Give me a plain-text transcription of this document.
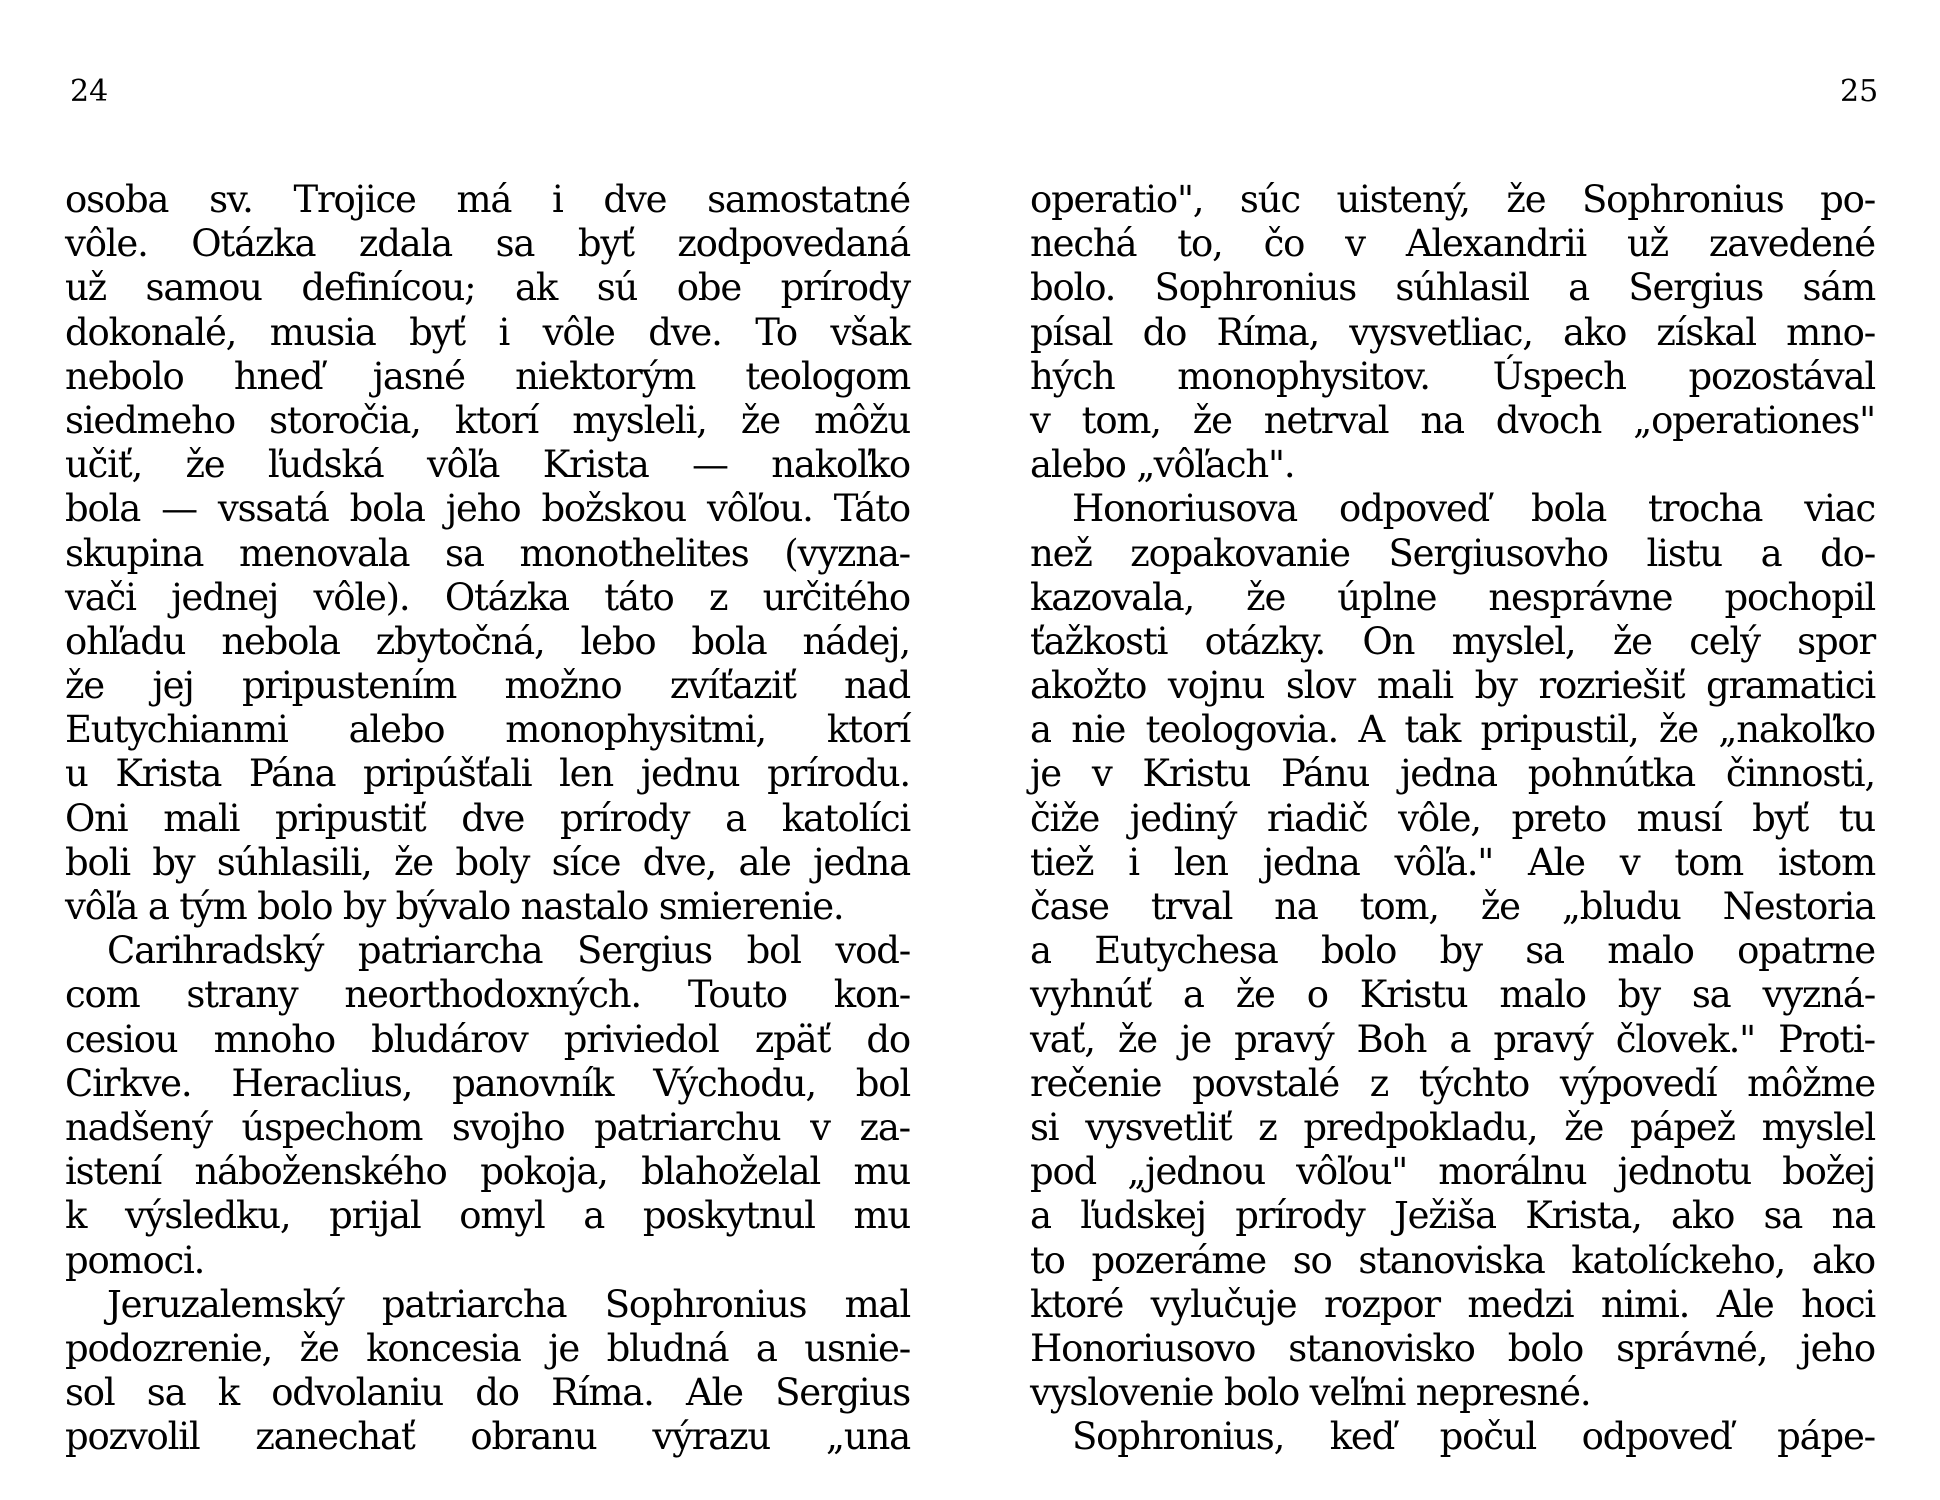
24	25
osoba sv. Trojice má i dve samostatné
vôle. Otázka zdala sa byť zodpovedaná
už samou definícou; ak sú obe prírody
dokonalé, musia byť i vôle dve. To však
nebolo hneď jasné niektorým teologom
siedmeho storočia, ktorí mysleli, že môžu
učiť, že ľudská vôľa Krista — nakoľko
bola — vssatá bola jeho božskou vôľou. Táto
skupina menovala sa monothelites (vyzna-
vači jednej vôle). Otázka táto z určitého
ohľadu nebola zbytočná, lebo bola nádej,
že jej pripustením možno zvíťaziť nad
Eutychianmi alebo monophysitmi, ktorí
u Krista Pána pripúšťali len jednu prírodu.
Oni mali pripustiť dve prírody a katolíci
boli by súhlasili, že boly síce dve, ale jedna
vôľa a tým bolo by bývalo nastalo smierenie.
Carihradský patriarcha Sergius bol vod-
com strany neorthodoxných. Touto kon-
cesiou mnoho bludárov priviedol zpäť do
Cirkve. Heraclius, panovník Východu, bol
nadšený úspechom svojho patriarchu v za-
istení náboženského pokoja, blahoželal mu
k výsledku, prijal omyl a poskytnul mu
pomoci.
Jeruzalemský patriarcha Sophronius mal
podozrenie, že koncesia je bludná a usnie-
sol sa k odvolaniu do Ríma. Ale Sergius
pozvolil zanechať obranu výrazu „una
operatio", súc uistený, že Sophronius po-
nechá to, čo v Alexandrii už zavedené
bolo. Sophronius súhlasil a Sergius sám
písal do Ríma, vysvetliac, ako získal mno-
hých monophysitov. Úspech pozostával
v tom, že netrval na dvoch „operationes"
alebo „vôľach".
Honoriusova odpoveď bola trocha viac
než zopakovanie Sergiusovho listu a do-
kazovala, že úplne nesprávne pochopil
ťažkosti otázky. On myslel, že celý spor
akožto vojnu slov mali by rozriešiť gramatici
a nie teologovia. A tak pripustil, že „nakoľko
je v Kristu Pánu jedna pohnútka činnosti,
čiže jediný riadič vôle, preto musí byť tu
tiež i len jedna vôľa." Ale v tom istom
čase trval na tom, že „bludu Nestoria
a Eutychesa bolo by sa malo opatrne
vyhnúť a že o Kristu malo by sa vyzná-
vať, že je pravý Boh a pravý človek." Proti-
rečenie povstalé z týchto výpovedí môžme
si vysvetliť z predpokladu, že pápež myslel
pod „jednou vôľou" morálnu jednotu božej
a ľudskej prírody Ježiša Krista, ako sa na
to pozeráme so stanoviska katolíckeho, ako
ktoré vylučuje rozpor medzi nimi. Ale hoci
Honoriusovo stanovisko bolo správné, jeho
vyslovenie bolo veľmi nepresné.
Sophronius, keď počul odpoveď pápe-
